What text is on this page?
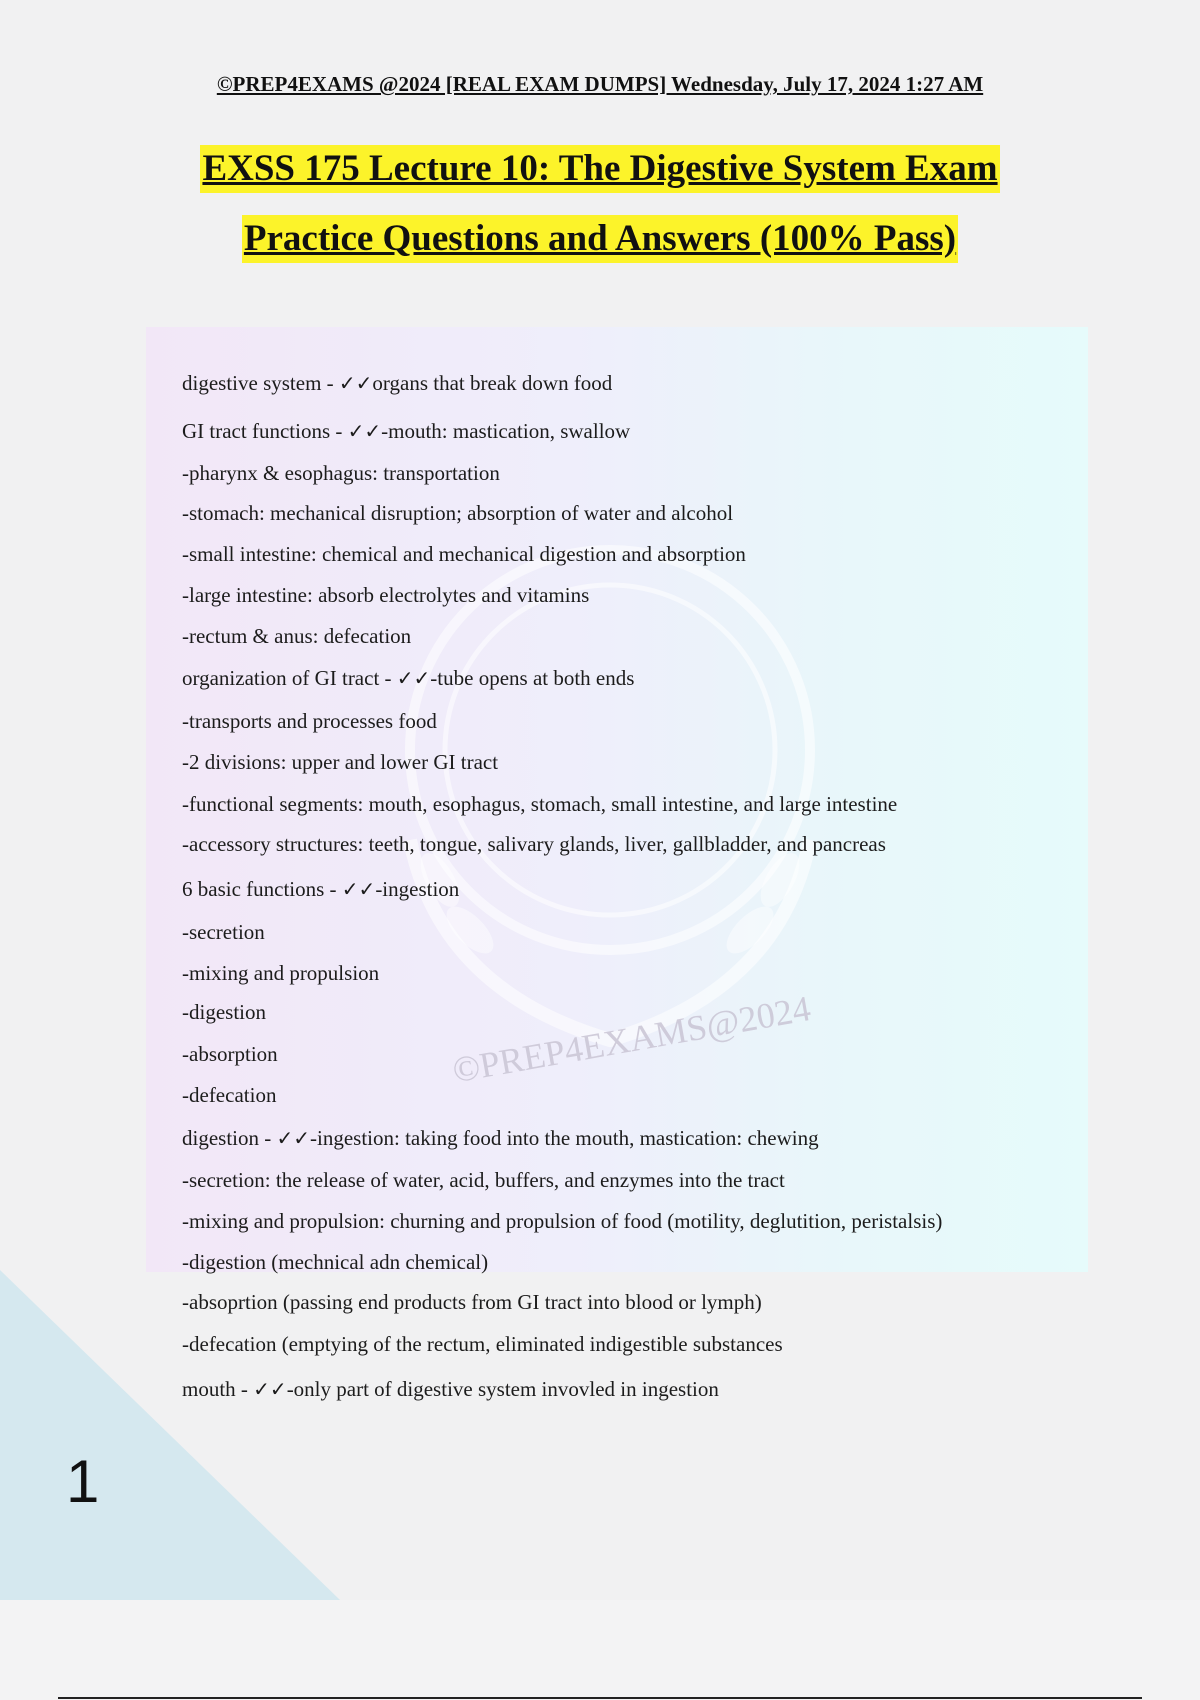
1
©PREP4EXAMS @2024 [REAL EXAM DUMPS] Wednesday, July 17, 2024 1:27 AM
EXSS 175 Lecture 10: The Digestive System Exam
Practice Questions and Answers (100% Pass)
©PREP4EXAMS@2024
digestive system - ✓✓organs that break down food
GI tract functions - ✓✓-mouth: mastication, swallow
-pharynx & esophagus: transportation
-stomach: mechanical disruption; absorption of water and alcohol
-small intestine: chemical and mechanical digestion and absorption
-large intestine: absorb electrolytes and vitamins
-rectum & anus: defecation
organization of GI tract - ✓✓-tube opens at both ends
-transports and processes food
-2 divisions: upper and lower GI tract
-functional segments: mouth, esophagus, stomach, small intestine, and large intestine
-accessory structures: teeth, tongue, salivary glands, liver, gallbladder, and pancreas
6 basic functions - ✓✓-ingestion
-secretion
-mixing and propulsion
-digestion
-absorption
-defecation
digestion - ✓✓-ingestion: taking food into the mouth, mastication: chewing
-secretion: the release of water, acid, buffers, and enzymes into the tract
-mixing and propulsion: churning and propulsion of food (motility, deglutition, peristalsis)
-digestion (mechnical adn chemical)
-absoprtion (passing end products from GI tract into blood or lymph)
-defecation (emptying of the rectum, eliminated indigestible substances
mouth - ✓✓-only part of digestive system invovled in ingestion
